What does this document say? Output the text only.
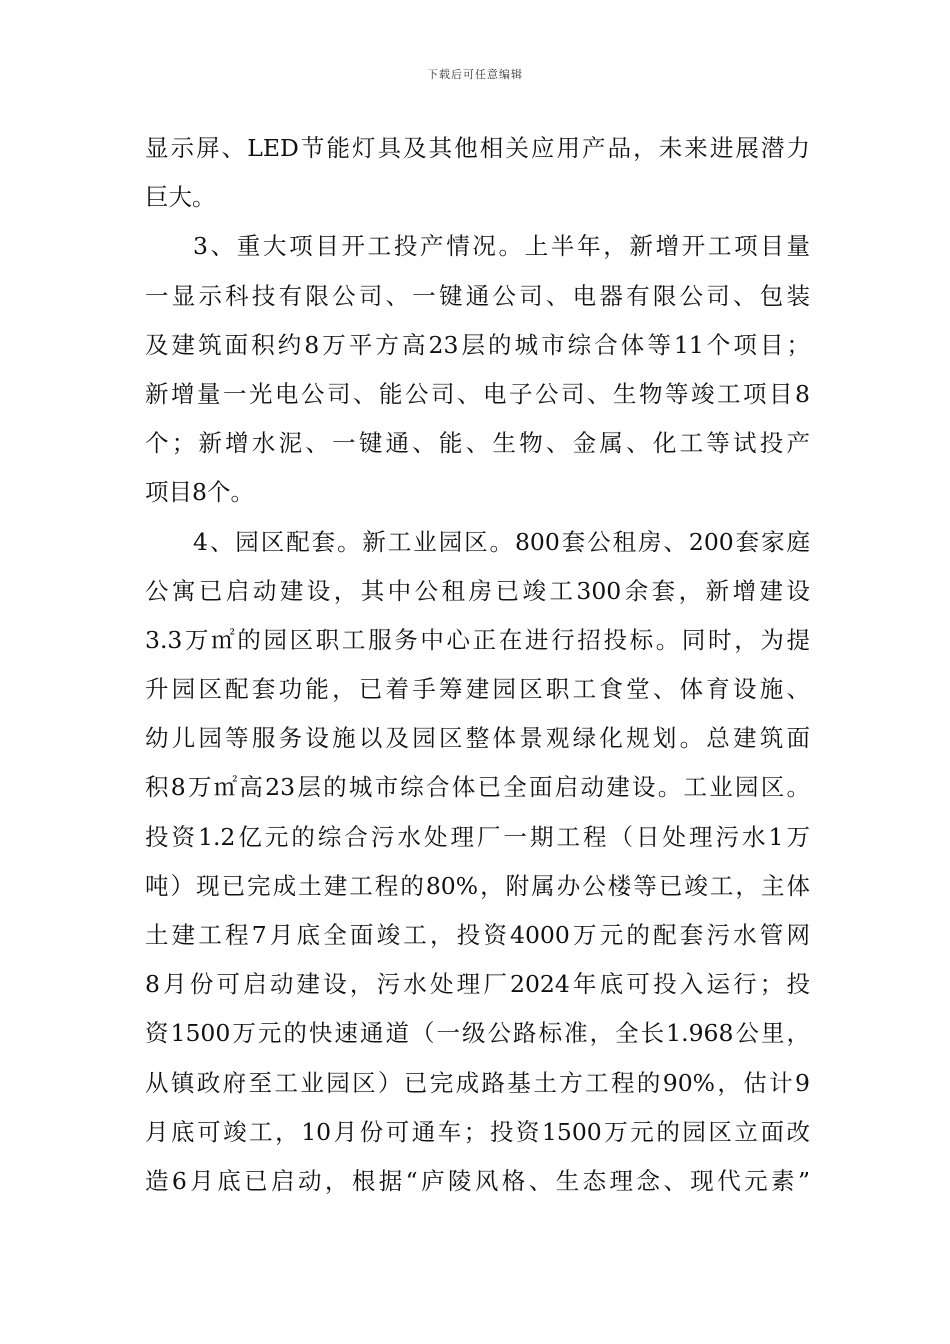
下载后可任意编辑
显示屏、LED节能灯具及其他相关应用产品，未来进展潜力
巨大。
3、重大项目开工投产情况。上半年，新增开工项目量
一显示科技有限公司、一键通公司、电器有限公司、包装
及建筑面积约8万平方高23层的城市综合体等11个项目；
新增量一光电公司、能公司、电子公司、生物等竣工项目8
个；新增水泥、一键通、能、生物、金属、化工等试投产
项目8个。
4、园区配套。新工业园区。800套公租房、200套家庭
公寓已启动建设，其中公租房已竣工300余套，新增建设
3.3万㎡的园区职工服务中心正在进行招投标。同时，为提
升园区配套功能，已着手筹建园区职工食堂、体育设施、
幼儿园等服务设施以及园区整体景观绿化规划。总建筑面
积8万㎡高23层的城市综合体已全面启动建设。工业园区。
投资1.2亿元的综合污水处理厂一期工程（日处理污水1万
吨）现已完成土建工程的80%，附属办公楼等已竣工，主体
土建工程7月底全面竣工，投资4000万元的配套污水管网
8月份可启动建设，污水处理厂2024年底可投入运行；投
资1500万元的快速通道（一级公路标准，全长1.968公里，
从镇政府至工业园区）已完成路基土方工程的90%，估计9
月底可竣工，10月份可通车；投资1500万元的园区立面改
造6月底已启动，根据“庐陵风格、生态理念、现代元素”
